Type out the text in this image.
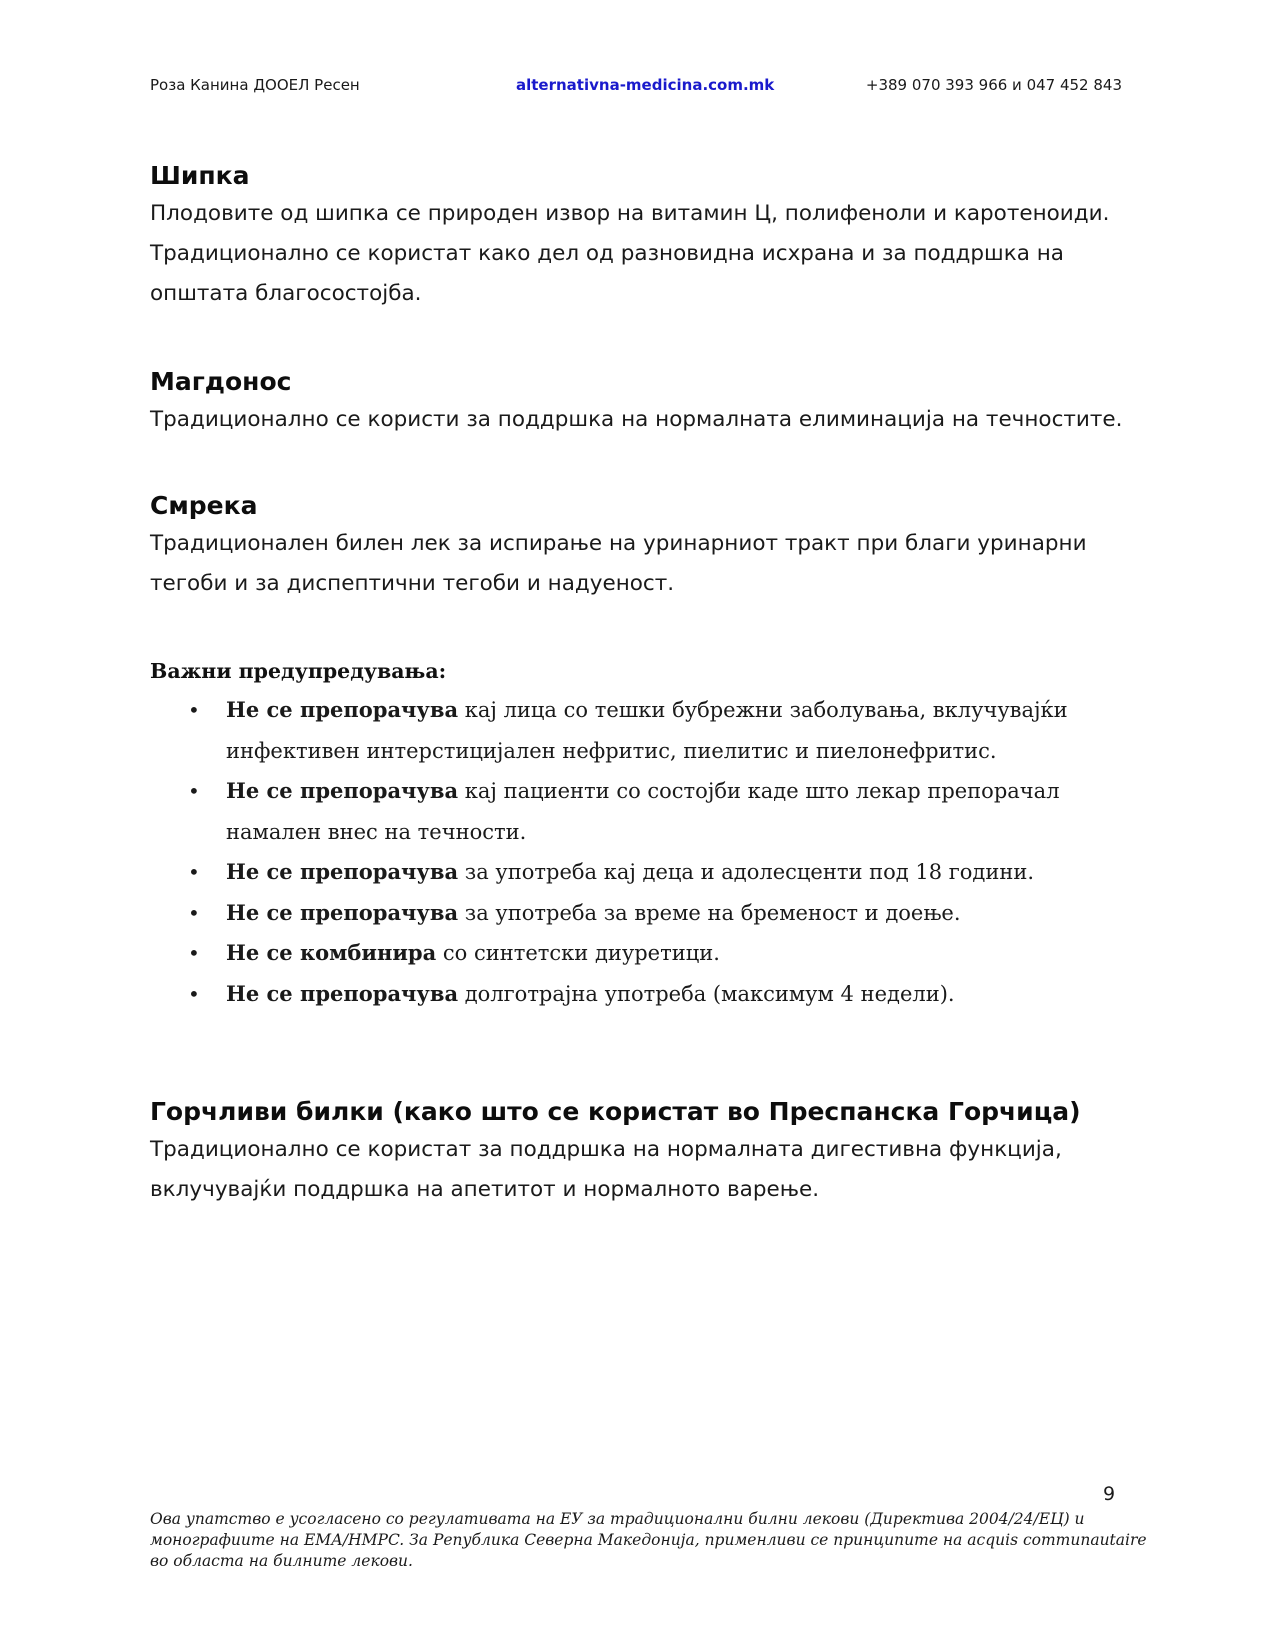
Роза Канина ДООЕЛ Ресен	alternativna-medicina.com.mk	+389 070 393 966 и 047 452 843
Шипка

Плодовите од шипка се природен извор на витамин Ц, полифеноли и каротеноиди.
Традиционално се користат како дел од разновидна исхрана и за поддршка на
општата благосостојба.

Магдонос

Традиционално се користи за поддршка на нормалната елиминација на течностите.

Смрека

Традиционален билен лек за испирање на уринарниот тракт при благи уринарни
тегоби и за диспептични тегоби и надуеност.

Важни предупредувања:

• Не се препорачува кај лица со тешки бубрежни заболувања, вклучувајќи
инфективен интерстицијален нефритис, пиелитис и пиелонефритис.
• Не се препорачува кај пациенти со состојби каде што лекар препорачал
намален внес на течности.
• Не се препорачува за употреба кај деца и адолесценти под 18 години.
• Не се препорачува за употреба за време на бременост и доење.
• Не се комбинира со синтетски диуретици.
• Не се препорачува долготрајна употреба (максимум 4 недели).
Горчливи билки (како што се користат во Преспанска Горчица)

Традиционално се користат за поддршка на нормалната дигестивна функција,
вклучувајќи поддршка на апетитот и нормалното варење.

9
Ова упатство е усогласено со регулативата на ЕУ за традиционални билни лекови (Директива 2004/24/ЕЦ) и
монографиите на ЕМА/HMPC. За Република Северна Македонија, применливи се принципите на acquis communautaire
во областа на билните лекови.
